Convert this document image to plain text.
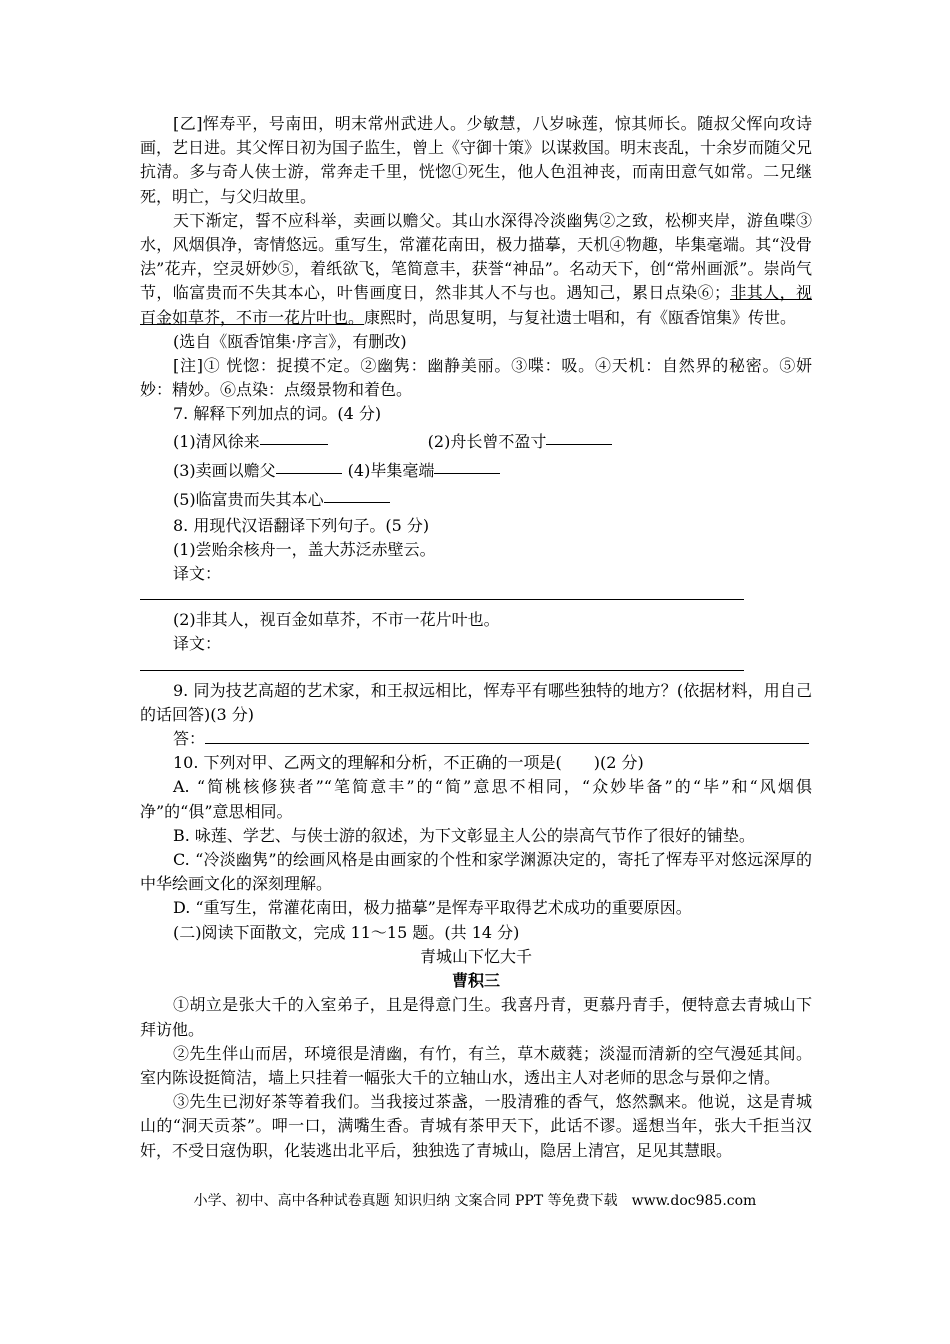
[乙]恽寿平，号南田，明末常州武进人。少敏慧，八岁咏莲，惊其师长。随叔父恽向攻诗画，艺日进。其父恽日初为国子监生，曾上《守御十策》以谋救国。明末丧乱，十余岁而随父兄抗清。多与奇人侠士游，常奔走千里，恍惚①死生，他人色沮神丧，而南田意气如常。二兄继死，明亡，与父归故里。

天下渐定，誓不应科举，卖画以赡父。其山水深得冷淡幽隽②之致，松柳夹岸，游鱼喋③水，风烟俱净，寄情悠远。重写生，常灌花南田，极力描摹，天机④物趣，毕集毫端。其“没骨法”花卉，空灵妍妙⑤，着纸欲飞，笔简意丰，获誉“神品”。名动天下，创“常州画派”。崇尚气节，临富贵而不失其本心，叶售画度日，然非其人不与也。遇知己，累日点染⑥；非其人，视百金如草芥，不市一花片叶也。康熙时，尚思复明，与复社遗士唱和，有《瓯香馆集》传世。

(选自《瓯香馆集·序言》，有删改)

[注]① 恍惚：捉摸不定。②幽隽：幽静美丽。③喋：吸。④天机：自然界的秘密。⑤妍妙：精妙。⑥点染：点缀景物和着色。

7. 解释下列加点的词。(4 分)

(1)清风徐来	(2)舟长曾不盈寸
(3)卖画以赡父	(4)毕集毫端
(5)临富贵而失其本心

8. 用现代汉语翻译下列句子。(5 分)

(1)尝贻余核舟一，盖大苏泛赤壁云。

译文：

(2)非其人，视百金如草芥，不市一花片叶也。

译文：

9. 同为技艺高超的艺术家，和王叔远相比，恽寿平有哪些独特的地方？(依据材料，用自己的话回答)(3 分)

答：

10. 下列对甲、乙两文的理解和分析，不正确的一项是(　　)(2 分)

A. “简桃核修狭者”“笔简意丰”的“简”意思不相同，“众妙毕备”的“毕”和“风烟俱净”的“俱”意思相同。

B. 咏莲、学艺、与侠士游的叙述，为下文彰显主人公的崇高气节作了很好的铺垫。

C. “冷淡幽隽”的绘画风格是由画家的个性和家学渊源决定的，寄托了恽寿平对悠远深厚的中华绘画文化的深刻理解。

D. “重写生，常灌花南田，极力描摹”是恽寿平取得艺术成功的重要原因。

(二)阅读下面散文，完成 11～15 题。(共 14 分)

青城山下忆大千

曹积三

①胡立是张大千的入室弟子，且是得意门生。我喜丹青，更慕丹青手，便特意去青城山下拜访他。

②先生伴山而居，环境很是清幽，有竹，有兰，草木葳蕤；淡湿而清新的空气漫延其间。室内陈设挺简洁，墙上只挂着一幅张大千的立轴山水，透出主人对老师的思念与景仰之情。

③先生已沏好茶等着我们。当我接过茶盏，一股清雅的香气，悠然飘来。他说，这是青城山的“洞天贡茶”。呷一口，满嘴生香。青城有茶甲天下，此话不谬。遥想当年，张大千拒当汉奸，不受日寇伪职，化装逃出北平后，独独选了青城山，隐居上清宫，足见其慧眼。

小学、初中、高中各种试卷真题 知识归纳 文案合同 PPT 等免费下载　www.doc985.com
